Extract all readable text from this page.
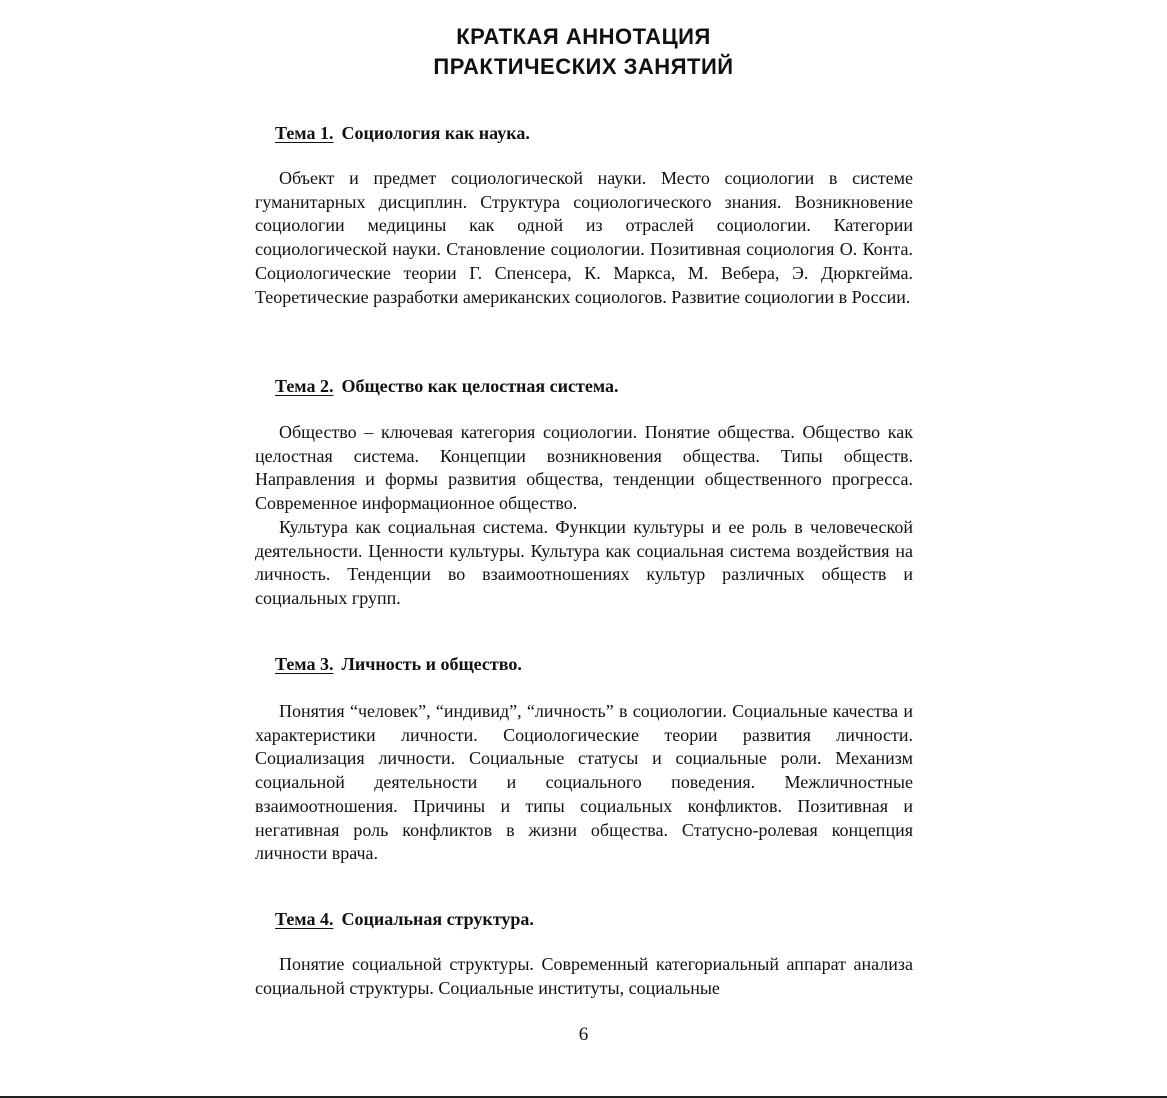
КРАТКАЯ АННОТАЦИЯ
ПРАКТИЧЕСКИХ ЗАНЯТИЙ
Тема 1. Социология как наука.

Объект и предмет социологической науки. Место социологии в системе гуманитарных дисциплин. Структура социологического знания. Возникновение социологии медицины как одной из отраслей социологии. Категории социологической науки. Становление социологии. Позитивная социология О. Конта. Социологические теории Г. Спенсера, К. Маркса, М. Вебера, Э. Дюркгейма. Теоретические разработки американских социологов. Развитие социологии в России.

Тема 2. Общество как целостная система.

Общество – ключевая категория социологии. Понятие общества. Общество как целостная система. Концепции возникновения общества. Типы обществ. Направления и формы развития общества, тенденции общественного прогресса. Современное информационное общество.

Культура как социальная система. Функции культуры и ее роль в человеческой деятельности. Ценности культуры. Культура как социальная система воздействия на личность. Тенденции во взаимоотношениях культур различных обществ и социальных групп.

Тема 3. Личность и общество.

Понятия “человек”, “индивид”, “личность” в социологии. Социальные качества и характеристики личности. Социологические теории развития личности. Социализация личности. Социальные статусы и социальные роли. Механизм социальной деятельности и социального поведения. Межличностные взаимоотношения. Причины и типы социальных конфликтов. Позитивная и негативная роль конфликтов в жизни общества. Статусно-ролевая концепция личности врача.

Тема 4. Социальная структура.

Понятие социальной структуры. Современный категориальный аппарат анализа социальной структуры. Социальные институты, социальные

6
